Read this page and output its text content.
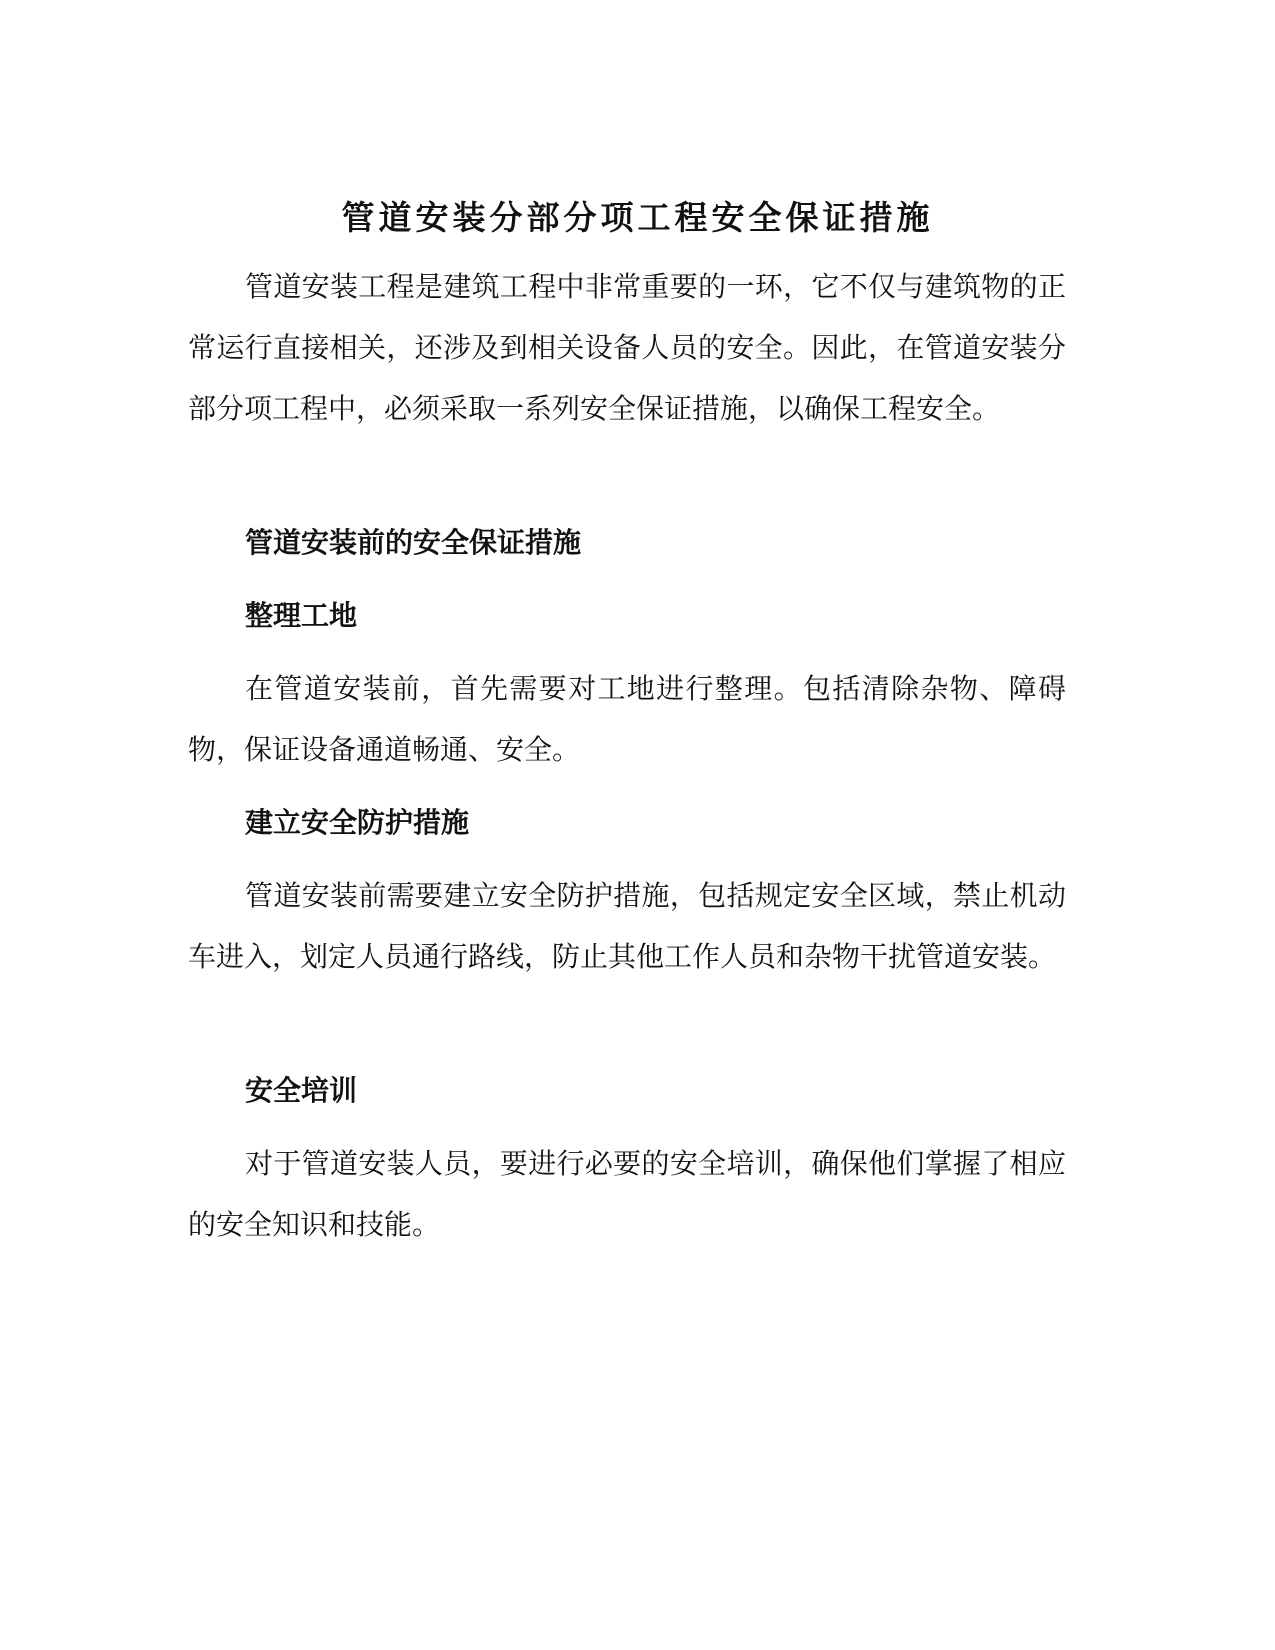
管道安装分部分项工程安全保证措施

管道安装工程是建筑工程中非常重要的一环，它不仅与建筑物的正常运行直接相关，还涉及到相关设备人员的安全。因此，在管道安装分部分项工程中，必须采取一系列安全保证措施，以确保工程安全。

管道安装前的安全保证措施
整理工地

在管道安装前，首先需要对工地进行整理。包括清除杂物、障碍物，保证设备通道畅通、安全。

建立安全防护措施

管道安装前需要建立安全防护措施，包括规定安全区域，禁止机动车进入，划定人员通行路线，防止其他工作人员和杂物干扰管道安装。

安全培训

对于管道安装人员，要进行必要的安全培训，确保他们掌握了相应的安全知识和技能。
